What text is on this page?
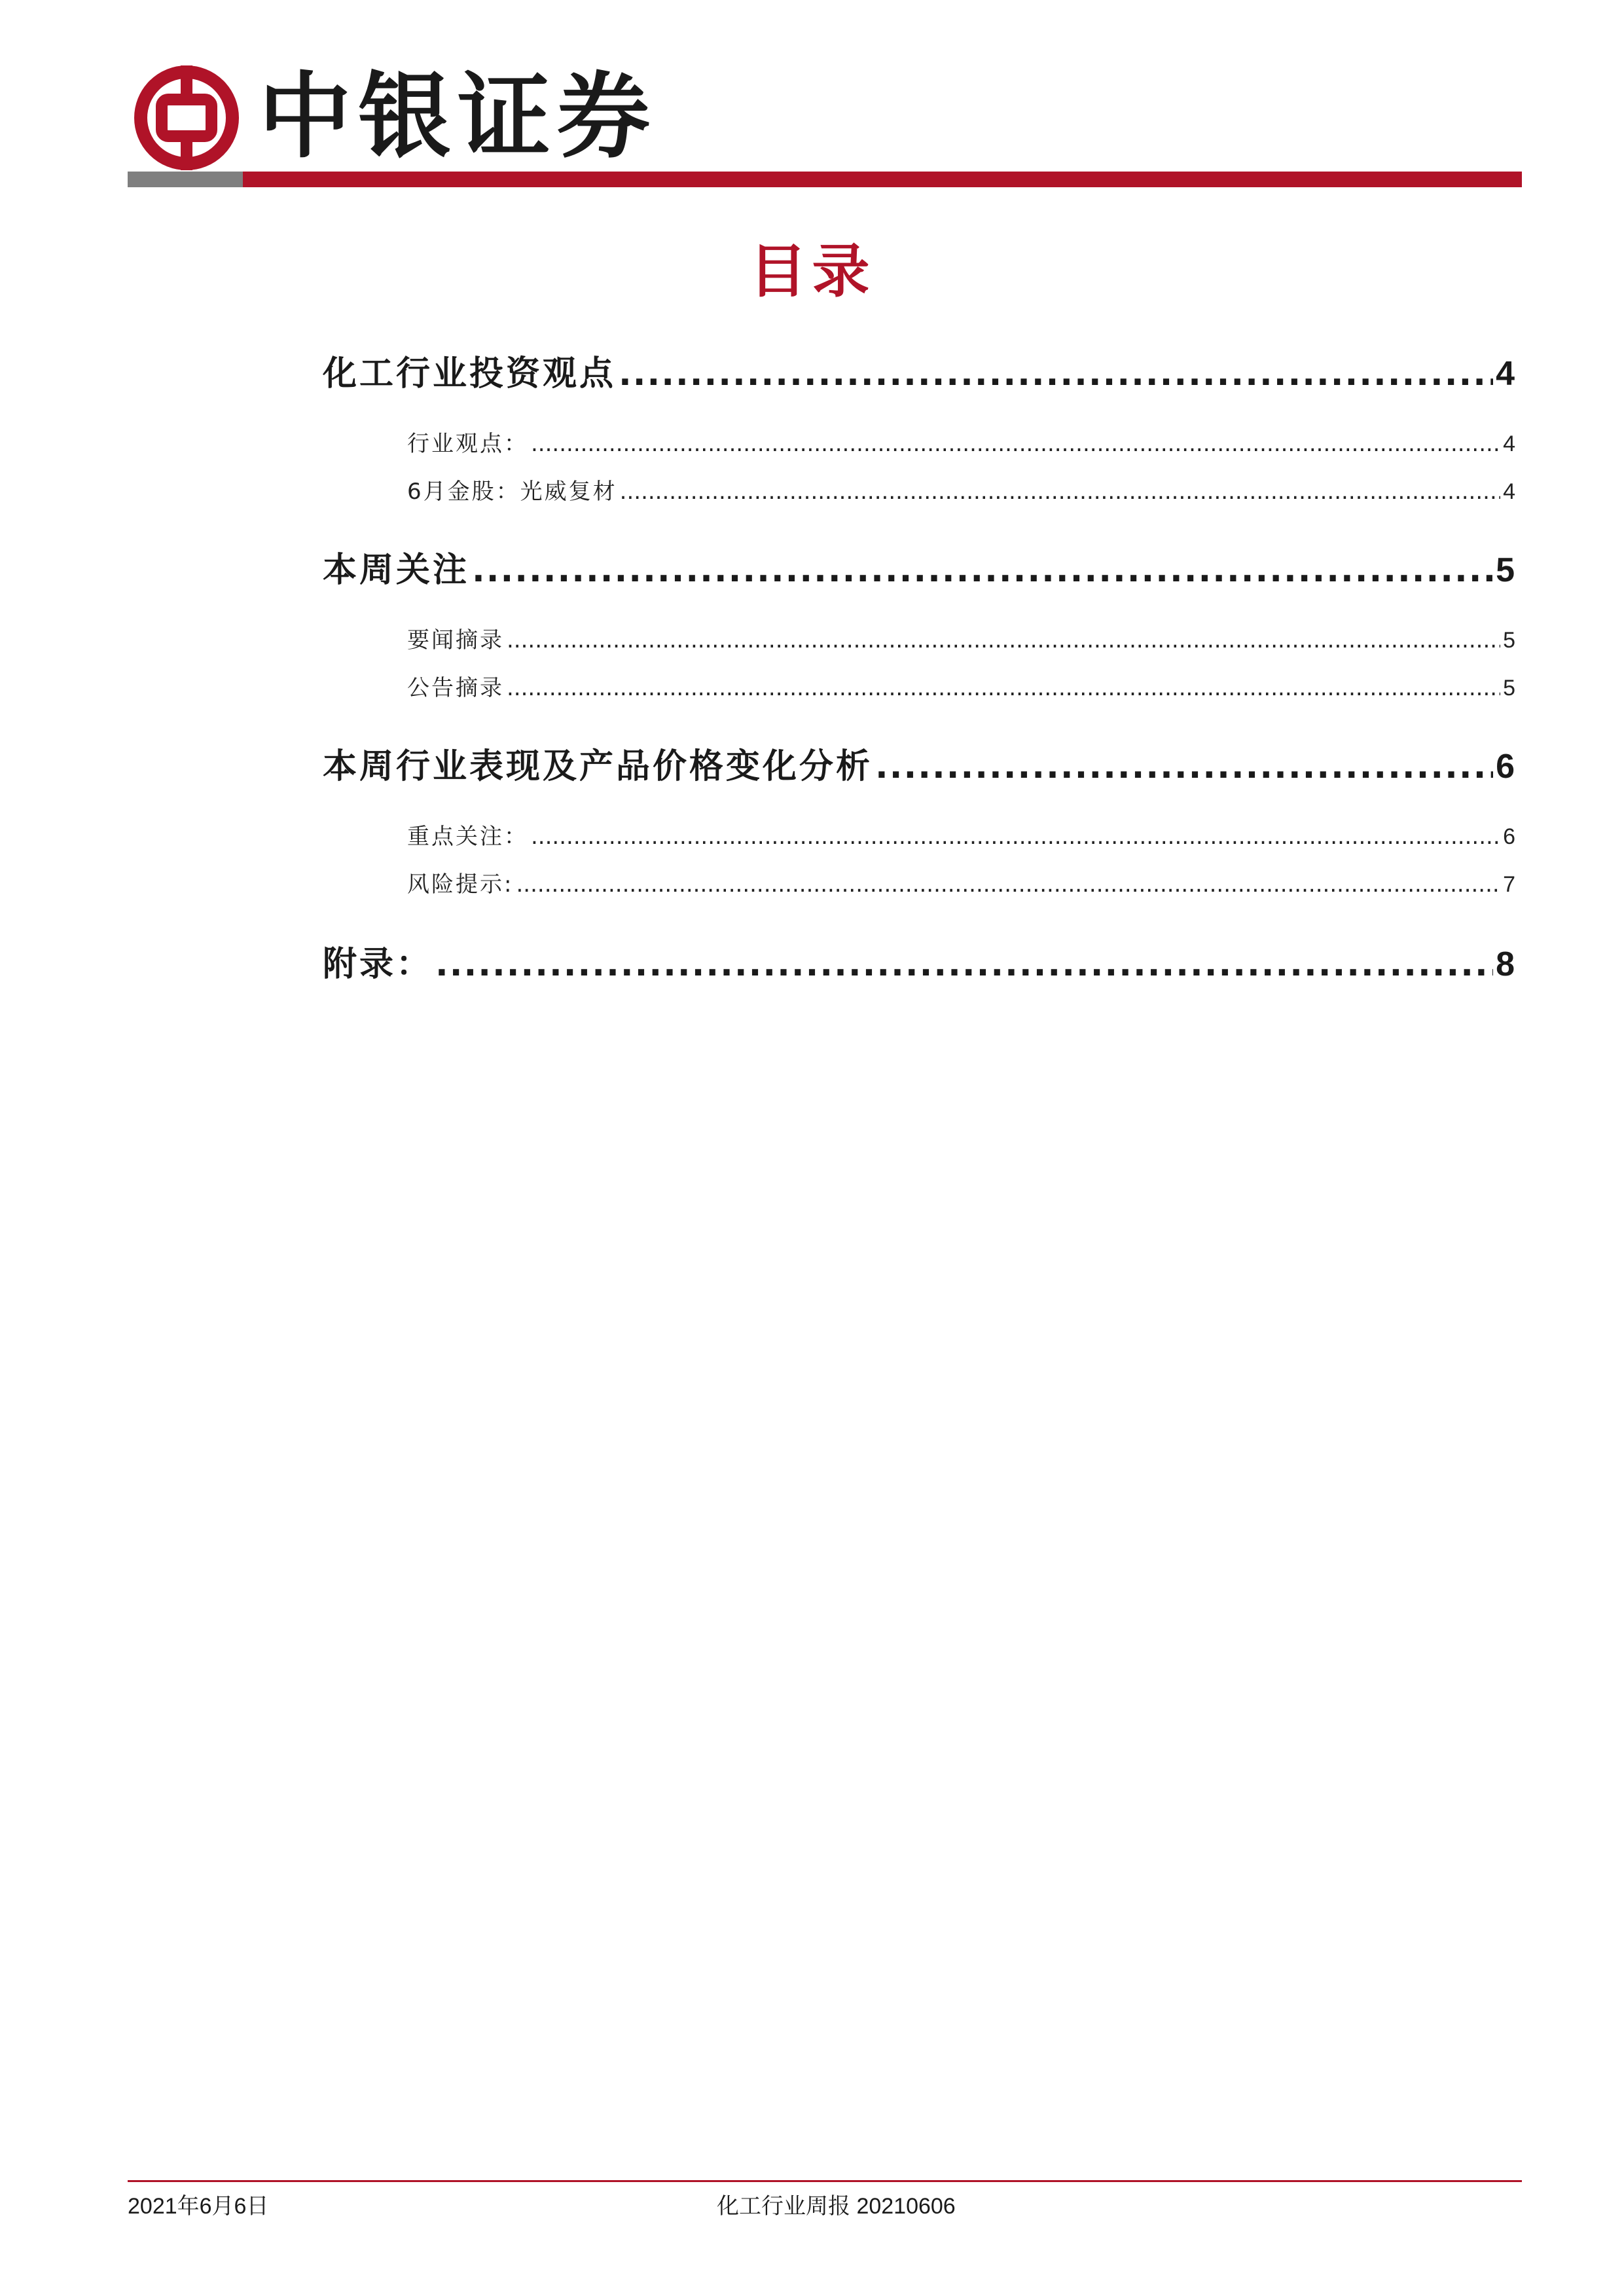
中银证券
目录
化工行业投资观点 .....	4
行业观点： .....	4
6月金股：光威复材 .....	4
本周关注 .....	5
要闻摘录 .....	5
公告摘录 .....	5
本周行业表现及产品价格变化分析 .....	6
重点关注： .....	6
风险提示: .....	7
附录： .....	8
2021年6月6日	化工行业周报 20210606
